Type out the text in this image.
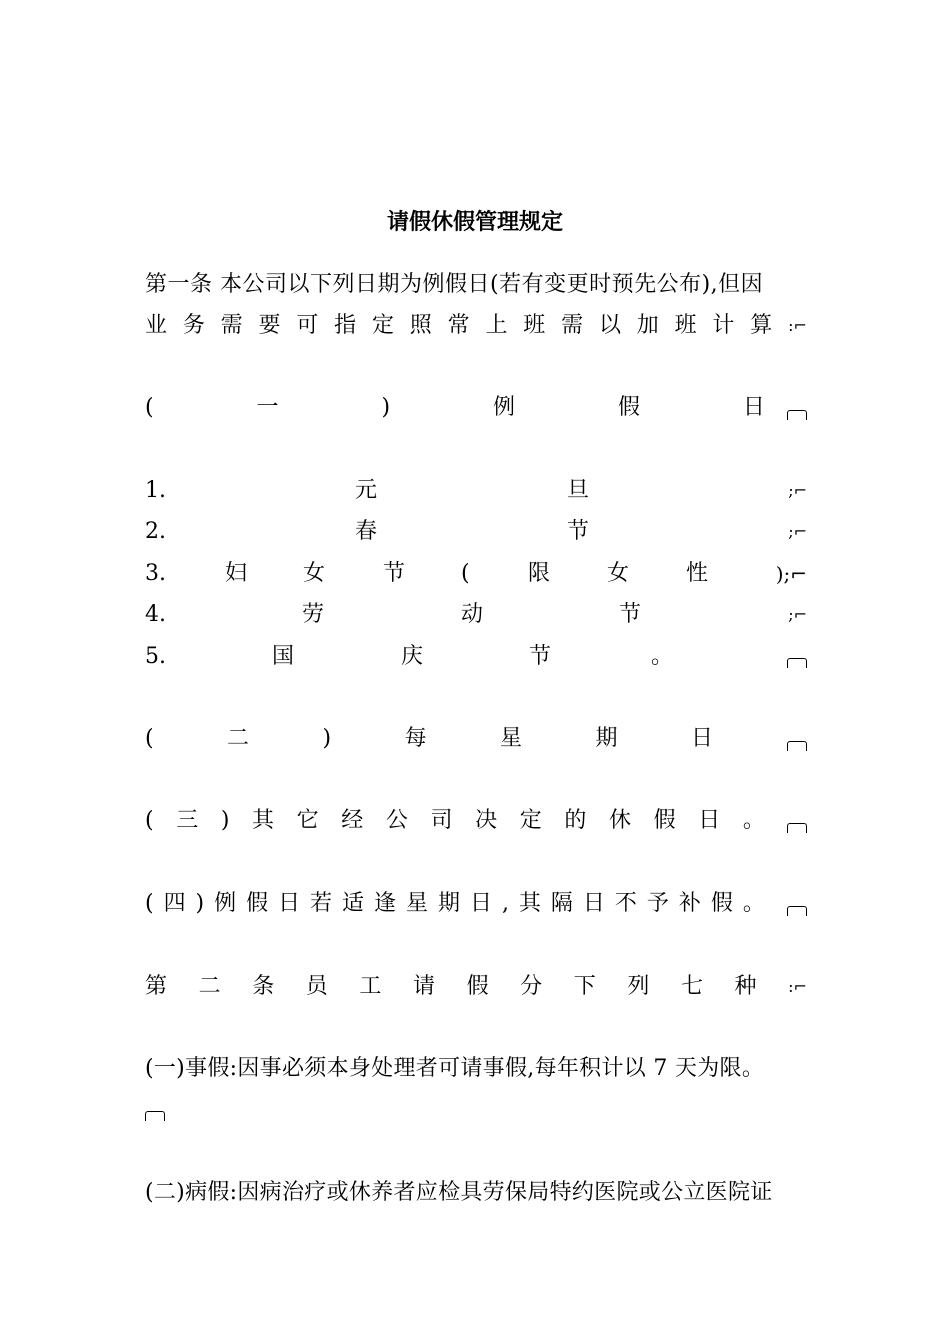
请假休假管理规定
第一条 本公司以下列日期为例假日(若有变更时预先公布),但因
业 务 需 要 可 指 定 照 常 上 班 需 以 加 班 计 算 :⌐
(	一	)	例	假	日
1.	元	旦	;⌐
2.	春	节	;⌐
3.	妇	女	节	(	限	女	性	);⌐
4.	劳	动	节	;⌐
5.	国	庆	节	。
(	二	)	每	星	期	日
( 三 ) 其 它 经 公 司 决 定 的 休 假 日 。
( 四 ) 例 假 日 若 适 逢 星 期 日 , 其 隔 日 不 予 补 假 。
第 二 条 员 工 请 假 分 下 列 七 种 :⌐
(一)事假:因事必须本身处理者可请事假,每年积计以 7 天为限。
(二)病假:因病治疗或休养者应检具劳保局特约医院或公立医院证
